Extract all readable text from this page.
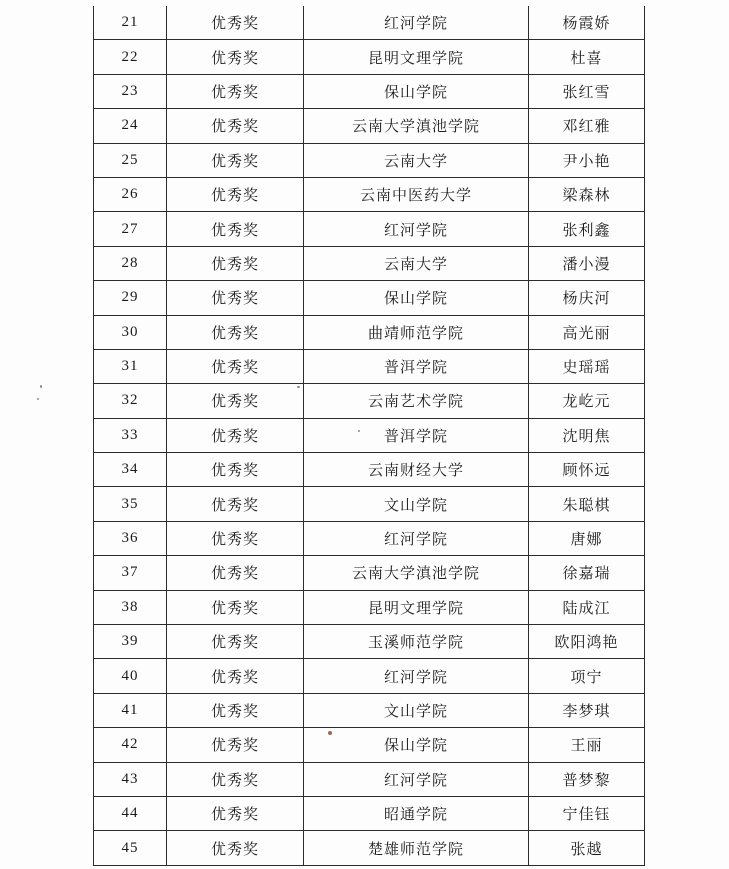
21	优秀奖	红河学院	杨霞娇
22	优秀奖	昆明文理学院	杜喜
23	优秀奖	保山学院	张红雪
24	优秀奖	云南大学滇池学院	邓红雅
25	优秀奖	云南大学	尹小艳
26	优秀奖	云南中医药大学	梁森林
27	优秀奖	红河学院	张利鑫
28	优秀奖	云南大学	潘小漫
29	优秀奖	保山学院	杨庆河
30	优秀奖	曲靖师范学院	高光丽
31	优秀奖	普洱学院	史瑶瑶
32	优秀奖	云南艺术学院	龙屹元
33	优秀奖	普洱学院	沈明焦
34	优秀奖	云南财经大学	顾怀远
35	优秀奖	文山学院	朱聪棋
36	优秀奖	红河学院	唐娜
37	优秀奖	云南大学滇池学院	徐嘉瑞
38	优秀奖	昆明文理学院	陆成江
39	优秀奖	玉溪师范学院	欧阳鸿艳
40	优秀奖	红河学院	项宁
41	优秀奖	文山学院	李梦琪
42	优秀奖	保山学院	王丽
43	优秀奖	红河学院	普梦黎
44	优秀奖	昭通学院	宁佳钰
45	优秀奖	楚雄师范学院	张越
